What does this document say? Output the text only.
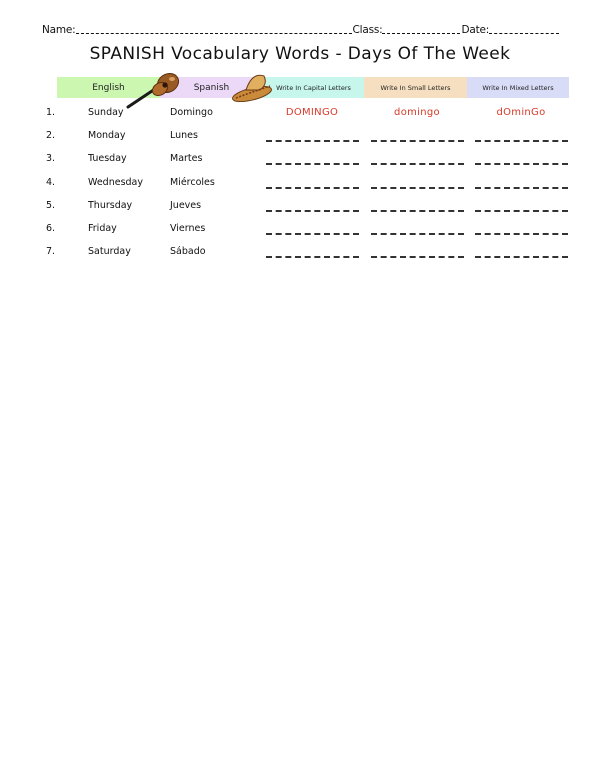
Name:	Class:	Date:
SPANISH Vocabulary Words - Days Of The Week
English	Spanish	Write In Capital Letters	Write In Small Letters	Write In Mixed Letters
1.	Sunday	Domingo	DOMINGO	domingo	dOminGo
2.	Monday	Lunes
3.	Tuesday	Martes
4.	Wednesday	Miércoles
5.	Thursday	Jueves
6.	Friday	Viernes
7.	Saturday	Sábado
